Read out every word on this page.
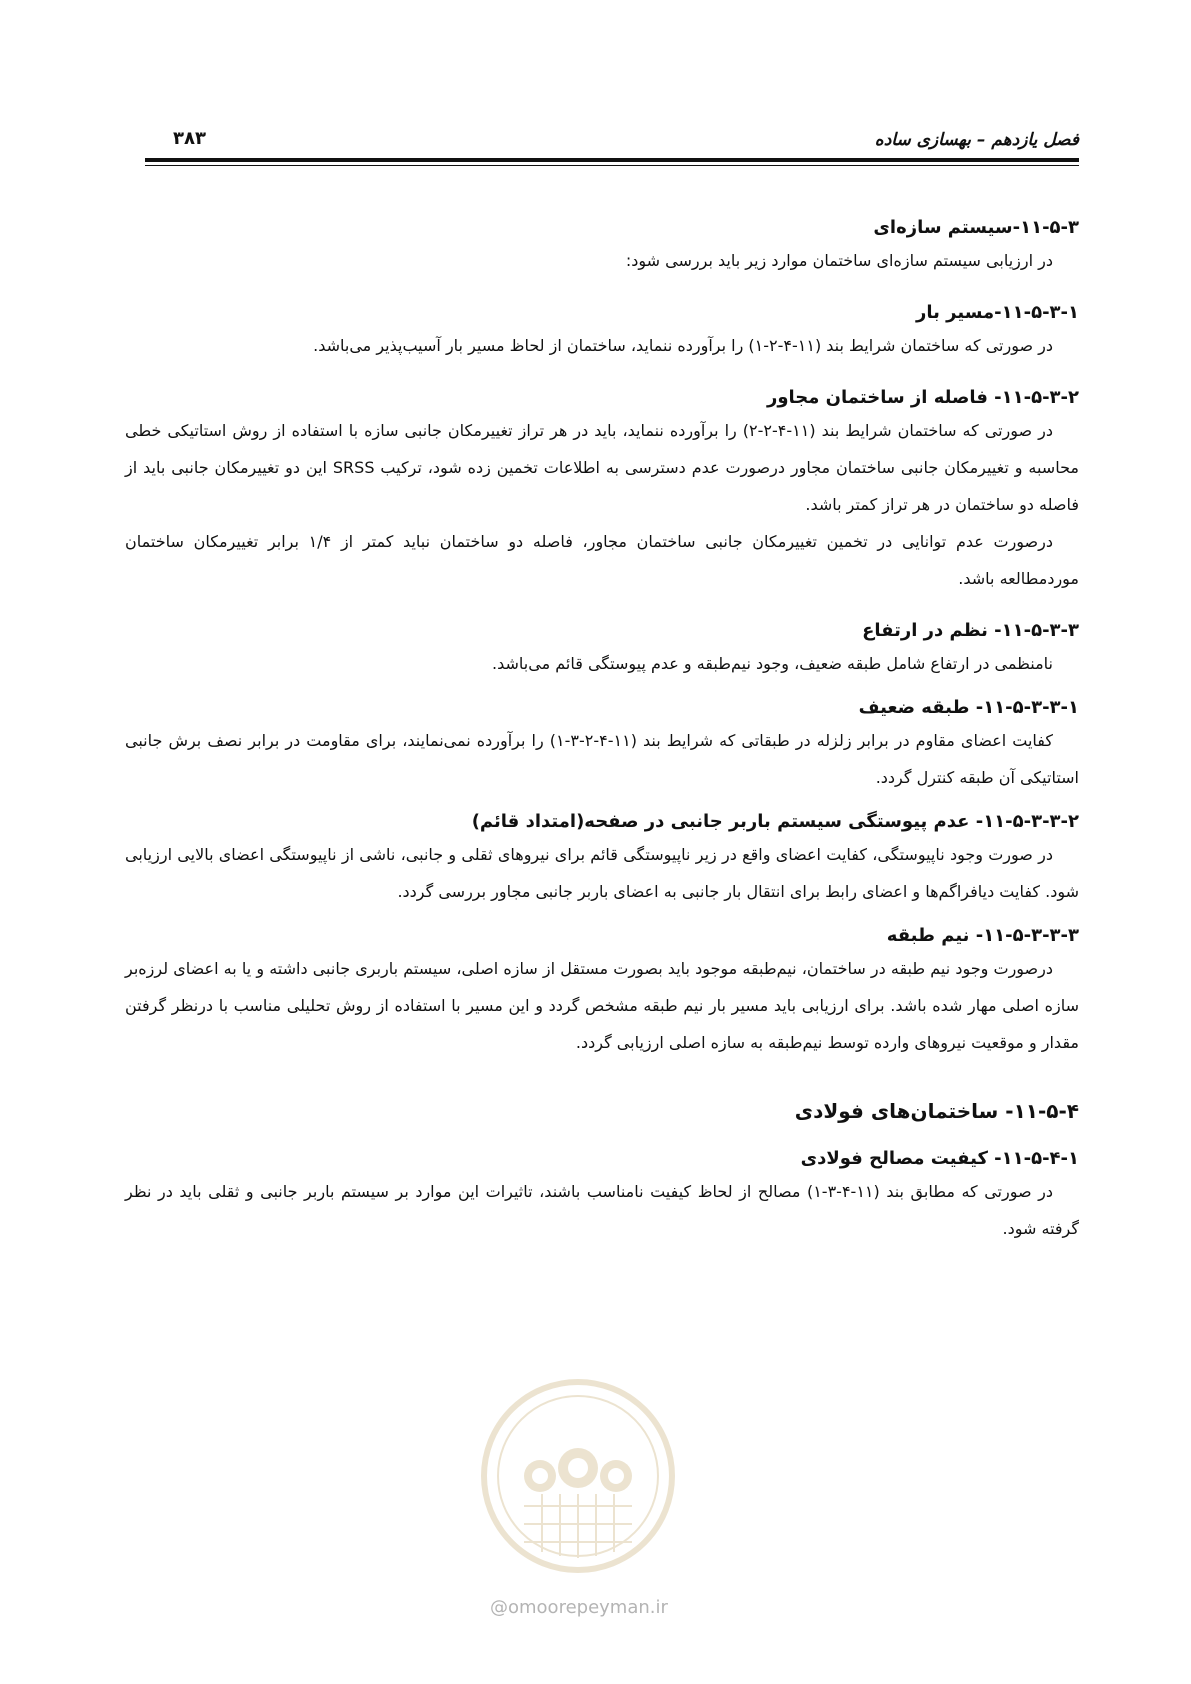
فصل یازدهم – بهسازی ساده
۳۸۳
۱۱-۵-۳-سیستم سازه‌ای

در ارزیابی سیستم سازه‌ای ساختمان موارد زیر باید بررسی شود:

۱۱-۵-۳-۱-مسیر بار

در صورتی که ساختمان شرایط بند (۱۱-۴-۲-۱) را برآورده ننماید، ساختمان از لحاظ مسیر بار آسیب‌پذیر می‌باشد.

۱۱-۵-۳-۲- فاصله از ساختمان مجاور

در صورتی که ساختمان شرایط بند (۱۱-۴-۲-۲) را برآورده ننماید، باید در هر تراز تغییرمکان جانبی سازه با استفاده از روش استاتیکی خطی محاسبه و تغییرمکان جانبی ساختمان مجاور درصورت عدم دسترسی به اطلاعات تخمین زده شود، ترکیب SRSS این دو تغییرمکان جانبی باید از فاصله دو ساختمان در هر تراز کمتر باشد.

درصورت عدم توانایی در تخمین تغییرمکان جانبی ساختمان مجاور، فاصله دو ساختمان نباید کمتر از ۱/۴ برابر تغییرمکان ساختمان موردمطالعه باشد.

۱۱-۵-۳-۳- نظم در ارتفاع

نامنظمی در ارتفاع شامل طبقه ضعیف، وجود نیم‌طبقه و عدم پیوستگی قائم می‌باشد.

۱۱-۵-۳-۳-۱- طبقه ضعیف

کفایت اعضای مقاوم در برابر زلزله در طبقاتی که شرایط بند (۱۱-۴-۲-۳-۱) را برآورده نمی‌نمایند، برای مقاومت در برابر نصف برش جانبی استاتیکی آن طبقه کنترل گردد.

۱۱-۵-۳-۳-۲- عدم پیوستگی سیستم باربر جانبی در صفحه(امتداد قائم)

در صورت وجود ناپیوستگی، کفایت اعضای واقع در زیر ناپیوستگی قائم برای نیروهای ثقلی و جانبی، ناشی از ناپیوستگی اعضای بالایی ارزیابی شود. کفایت دیافراگم‌ها و اعضای رابط برای انتقال بار جانبی به اعضای باربر جانبی مجاور بررسی گردد.

۱۱-۵-۳-۳-۳- نیم طبقه

درصورت وجود نیم طبقه در ساختمان، نیم‌طبقه موجود باید بصورت مستقل از سازه اصلی، سیستم باربری جانبی داشته و یا به اعضای لرزه‌بر سازه اصلی مهار شده باشد. برای ارزیابی باید مسیر بار نیم طبقه مشخص گردد و این مسیر با استفاده از روش تحلیلی مناسب با درنظر گرفتن مقدار و موقعیت نیروهای وارده توسط نیم‌طبقه به سازه اصلی ارزیابی گردد.

۱۱-۵-۴- ساختمان‌های فولادی
۱۱-۵-۴-۱- کیفیت مصالح فولادی

در صورتی که مطابق بند (۱۱-۴-۳-۱) مصالح از لحاظ کیفیت نامناسب باشند، تاثیرات این موارد بر سیستم باربر جانبی و ثقلی باید در نظر گرفته شود.

@omoorepeyman.ir
